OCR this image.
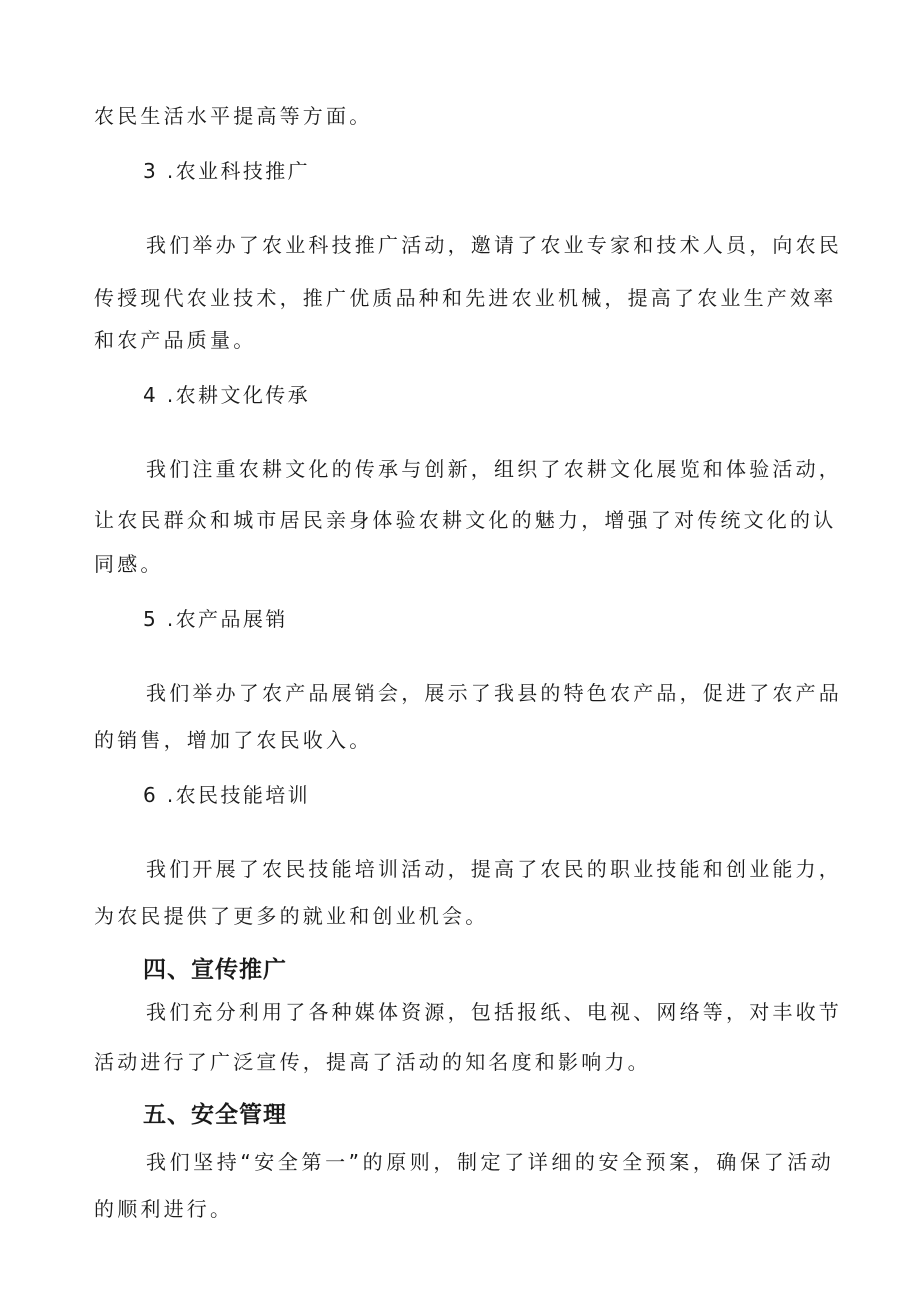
农民生活水平提高等方面。
3 .农业科技推广
我们举办了农业科技推广活动，邀请了农业专家和技术人员，向农民
传授现代农业技术，推广优质品种和先进农业机械，提高了农业生产效率
和农产品质量。
4 .农耕文化传承
我们注重农耕文化的传承与创新，组织了农耕文化展览和体验活动，
让农民群众和城市居民亲身体验农耕文化的魅力，增强了对传统文化的认
同感。
5 .农产品展销
我们举办了农产品展销会，展示了我县的特色农产品，促进了农产品
的销售，增加了农民收入。
6 .农民技能培训
我们开展了农民技能培训活动，提高了农民的职业技能和创业能力，
为农民提供了更多的就业和创业机会。
四、宣传推广
我们充分利用了各种媒体资源，包括报纸、电视、网络等，对丰收节
活动进行了广泛宣传，提高了活动的知名度和影响力。
五、安全管理
我们坚持“安全第一”的原则，制定了详细的安全预案，确保了活动
的顺利进行。
